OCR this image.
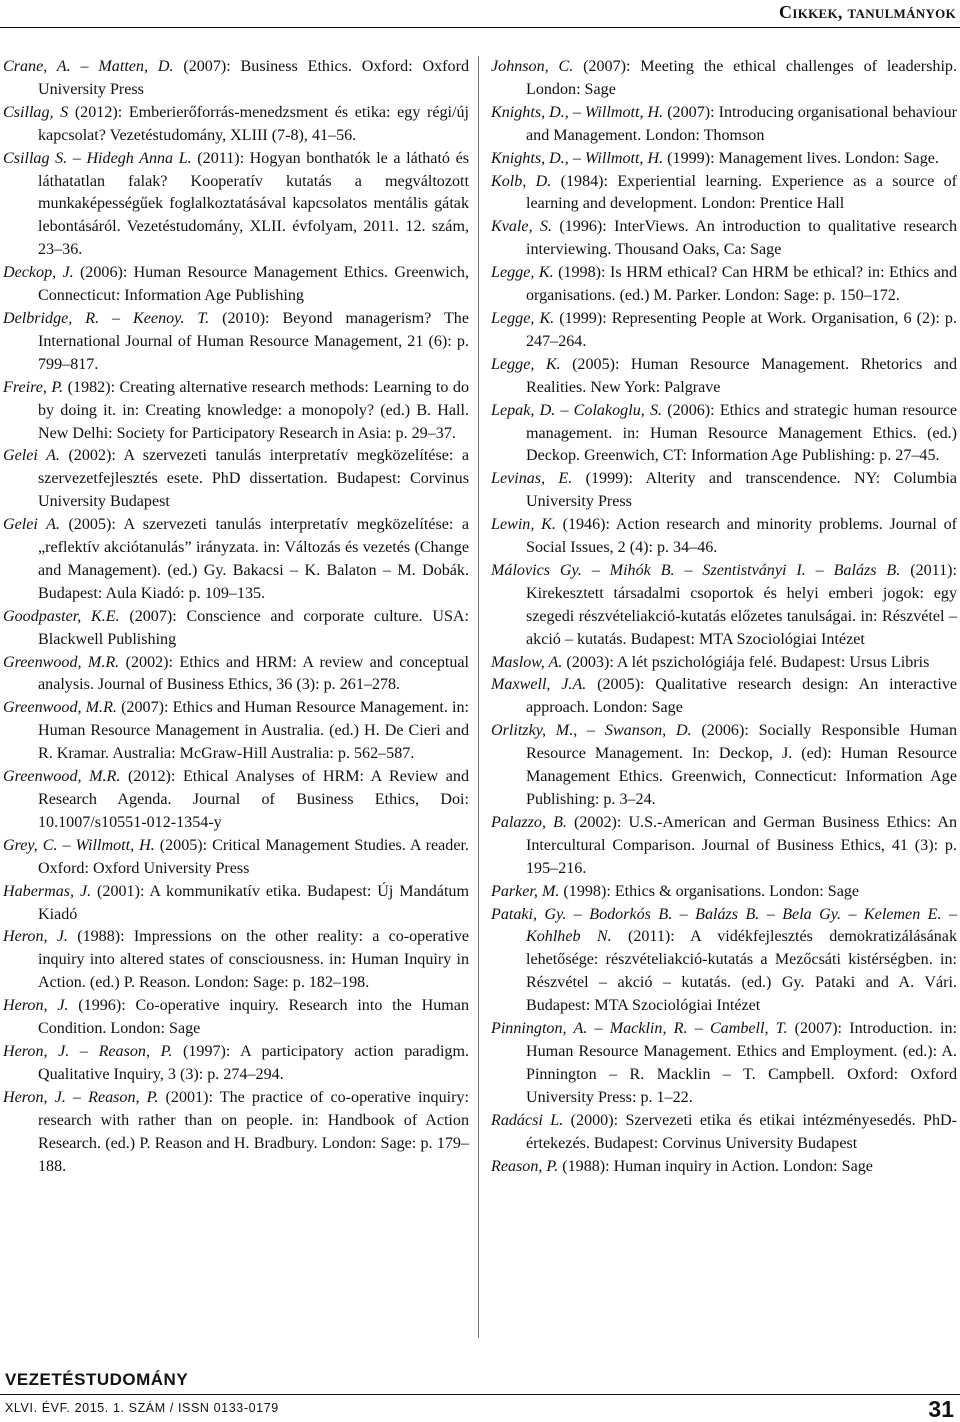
Cikkek, tanulmányok
Crane, A. – Matten, D. (2007): Business Ethics. Oxford: Oxford University Press
Csillag, S (2012): Emberierőforrás-menedzsment és etika: egy régi/új kapcsolat? Vezetéstudomány, XLIII (7-8), 41–56.
Csillag S. – Hidegh Anna L. (2011): Hogyan bonthatók le a látható és láthatatlan falak? Kooperatív kutatás a megváltozott munkaképességűek foglalkoztatásával kapcsolatos mentális gátak lebontásáról. Vezetéstudomány, XLII. évfolyam, 2011. 12. szám, 23–36.
Deckop, J. (2006): Human Resource Management Ethics. Greenwich, Connecticut: Information Age Publishing
Delbridge, R. – Keenoy. T. (2010): Beyond managerism? The International Journal of Human Resource Management, 21 (6): p. 799–817.
Freire, P. (1982): Creating alternative research methods: Learning to do by doing it. in: Creating knowledge: a monopoly? (ed.) B. Hall. New Delhi: Society for Participatory Research in Asia: p. 29–37.
Gelei A. (2002): A szervezeti tanulás interpretatív megközelítése: a szervezetfejlesztés esete. PhD dissertation. Budapest: Corvinus University Budapest
Gelei A. (2005): A szervezeti tanulás interpretatív megközelítése: a „reflektív akciótanulás” irányzata. in: Változás és vezetés (Change and Management). (ed.) Gy. Bakacsi – K. Balaton – M. Dobák. Budapest: Aula Kiadó: p. 109–135.
Goodpaster, K.E. (2007): Conscience and corporate culture. USA: Blackwell Publishing
Greenwood, M.R. (2002): Ethics and HRM: A review and conceptual analysis. Journal of Business Ethics, 36 (3): p. 261–278.
Greenwood, M.R. (2007): Ethics and Human Resource Management. in: Human Resource Management in Australia. (ed.) H. De Cieri and R. Kramar. Australia: McGraw-Hill Australia: p. 562–587.
Greenwood, M.R. (2012): Ethical Analyses of HRM: A Review and Research Agenda. Journal of Business Ethics, Doi: 10.1007/s10551-012-1354-y
Grey, C. – Willmott, H. (2005): Critical Management Studies. A reader. Oxford: Oxford University Press
Habermas, J. (2001): A kommunikatív etika. Budapest: Új Mandátum Kiadó
Heron, J. (1988): Impressions on the other reality: a co-operative inquiry into altered states of consciousness. in: Human Inquiry in Action. (ed.) P. Reason. London: Sage: p. 182–198.
Heron, J. (1996): Co-operative inquiry. Research into the Human Condition. London: Sage
Heron, J. – Reason, P. (1997): A participatory action paradigm. Qualitative Inquiry, 3 (3): p. 274–294.
Heron, J. – Reason, P. (2001): The practice of co-operative inquiry: research with rather than on people. in: Handbook of Action Research. (ed.) P. Reason and H. Bradbury. London: Sage: p. 179–188.
Johnson, C. (2007): Meeting the ethical challenges of leadership. London: Sage
Knights, D., – Willmott, H. (2007): Introducing organisational behaviour and Management. London: Thomson
Knights, D., – Willmott, H. (1999): Management lives. London: Sage.
Kolb, D. (1984): Experiential learning. Experience as a source of learning and development. London: Prentice Hall
Kvale, S. (1996): InterViews. An introduction to qualitative research interviewing. Thousand Oaks, Ca: Sage
Legge, K. (1998): Is HRM ethical? Can HRM be ethical? in: Ethics and organisations. (ed.) M. Parker. London: Sage: p. 150–172.
Legge, K. (1999): Representing People at Work. Organisation, 6 (2): p. 247–264.
Legge, K. (2005): Human Resource Management. Rhetorics and Realities. New York: Palgrave
Lepak, D. – Colakoglu, S. (2006): Ethics and strategic human resource management. in: Human Resource Management Ethics. (ed.) Deckop. Greenwich, CT: Information Age Publishing: p. 27–45.
Levinas, E. (1999): Alterity and transcendence. NY: Columbia University Press
Lewin, K. (1946): Action research and minority problems. Journal of Social Issues, 2 (4): p. 34–46.
Málovics Gy. – Mihók B. – Szentistványi I. – Balázs B. (2011): Kirekesztett társadalmi csoportok és helyi emberi jogok: egy szegedi részvételiakció-kutatás előzetes tanulságai. in: Részvétel – akció – kutatás. Budapest: MTA Szociológiai Intézet
Maslow, A. (2003): A lét pszichológiája felé. Budapest: Ursus Libris
Maxwell, J.A. (2005): Qualitative research design: An interactive approach. London: Sage
Orlitzky, M., – Swanson, D. (2006): Socially Responsible Human Resource Management. In: Deckop, J. (ed): Human Resource Management Ethics. Greenwich, Connecticut: Information Age Publishing: p. 3–24.
Palazzo, B. (2002): U.S.-American and German Business Ethics: An Intercultural Comparison. Journal of Business Ethics, 41 (3): p. 195–216.
Parker, M. (1998): Ethics & organisations. London: Sage
Pataki, Gy. – Bodorkós B. – Balázs B. – Bela Gy. – Kelemen E. – Kohlheb N. (2011): A vidékfejlesztés demokratizálásának lehetősége: részvételiakció-kutatás a Mezőcsáti kistérségben. in: Részvétel – akció – kutatás. (ed.) Gy. Pataki and A. Vári. Budapest: MTA Szociológiai Intézet
Pinnington, A. – Macklin, R. – Cambell, T. (2007): Introduction. in: Human Resource Management. Ethics and Employment. (ed.): A. Pinnington – R. Macklin – T. Campbell. Oxford: Oxford University Press: p. 1–22.
Radácsi L. (2000): Szervezeti etika és etikai intézményesedés. PhD-értekezés. Budapest: Corvinus University Budapest
Reason, P. (1988): Human inquiry in Action. London: Sage
VEZETÉSTUDOMÁNY
XLVI. ÉVF. 2015. 1. SZÁM / ISSN 0133-0179	31
